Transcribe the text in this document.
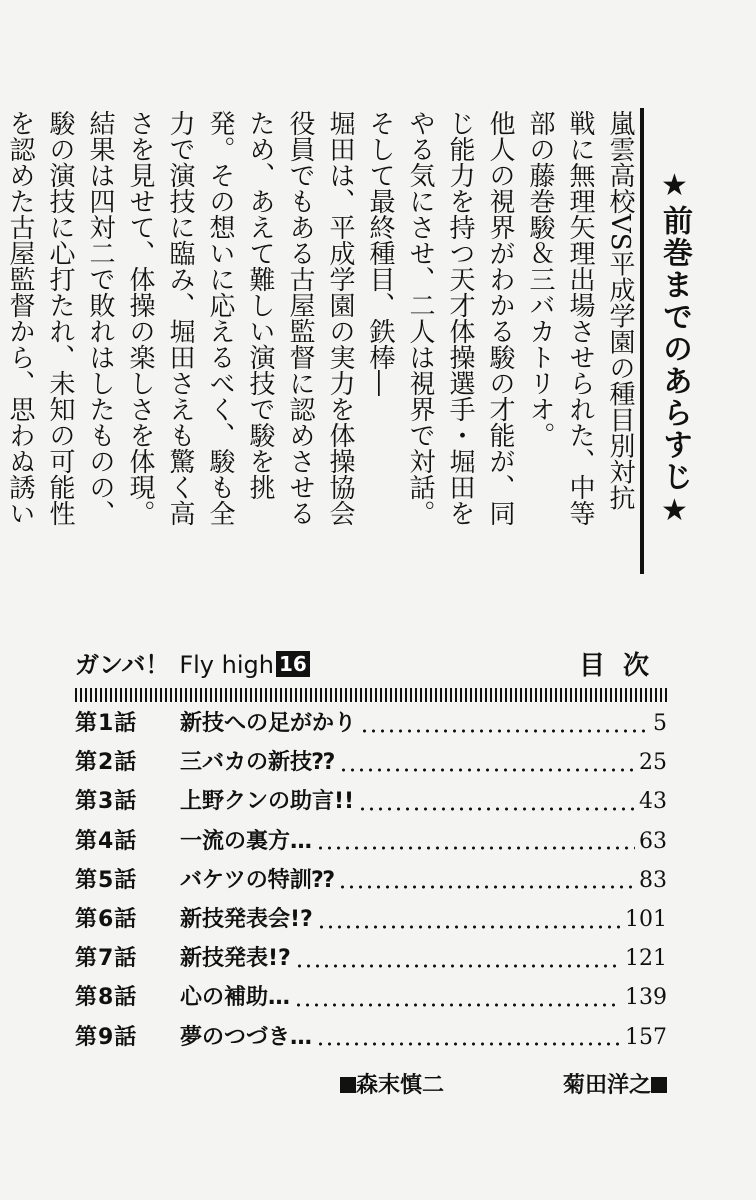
★前巻までのあらすじ★

嵐雲高校VS平成学園の種目別対抗戦に無理矢理出場させられた、中等部の藤巻駿＆三バカトリオ。

他人の視界がわかる駿の才能が、同じ能力を持つ天才体操選手・堀田をやる気にさせ、二人は視界で対話。

そして最終種目、鉄棒―

堀田は、平成学園の実力を体操協会役員でもある古屋監督に認めさせるため、あえて難しい演技で駿を挑発。その想いに応えるべく、駿も全力で演技に臨み、堀田さえも驚く高さを見せて、体操の楽しさを体現。

結果は四対二で敗れはしたものの、駿の演技に心打たれ、未知の可能性を認めた古屋監督から、思わぬ誘い

ガンバ！ Fly high 16	目次
第1話	新技への足がかり	5
第2話	三バカの新技⁇	25
第3話	上野クンの助言!!	43
第4話	一流の裏方…	63
第5話	バケツの特訓⁇	83
第6話	新技発表会!?	101
第7話	新技発表!?	121
第8話	心の補助…	139
第9話	夢のつづき…	157
森末慎二	菊田洋之
